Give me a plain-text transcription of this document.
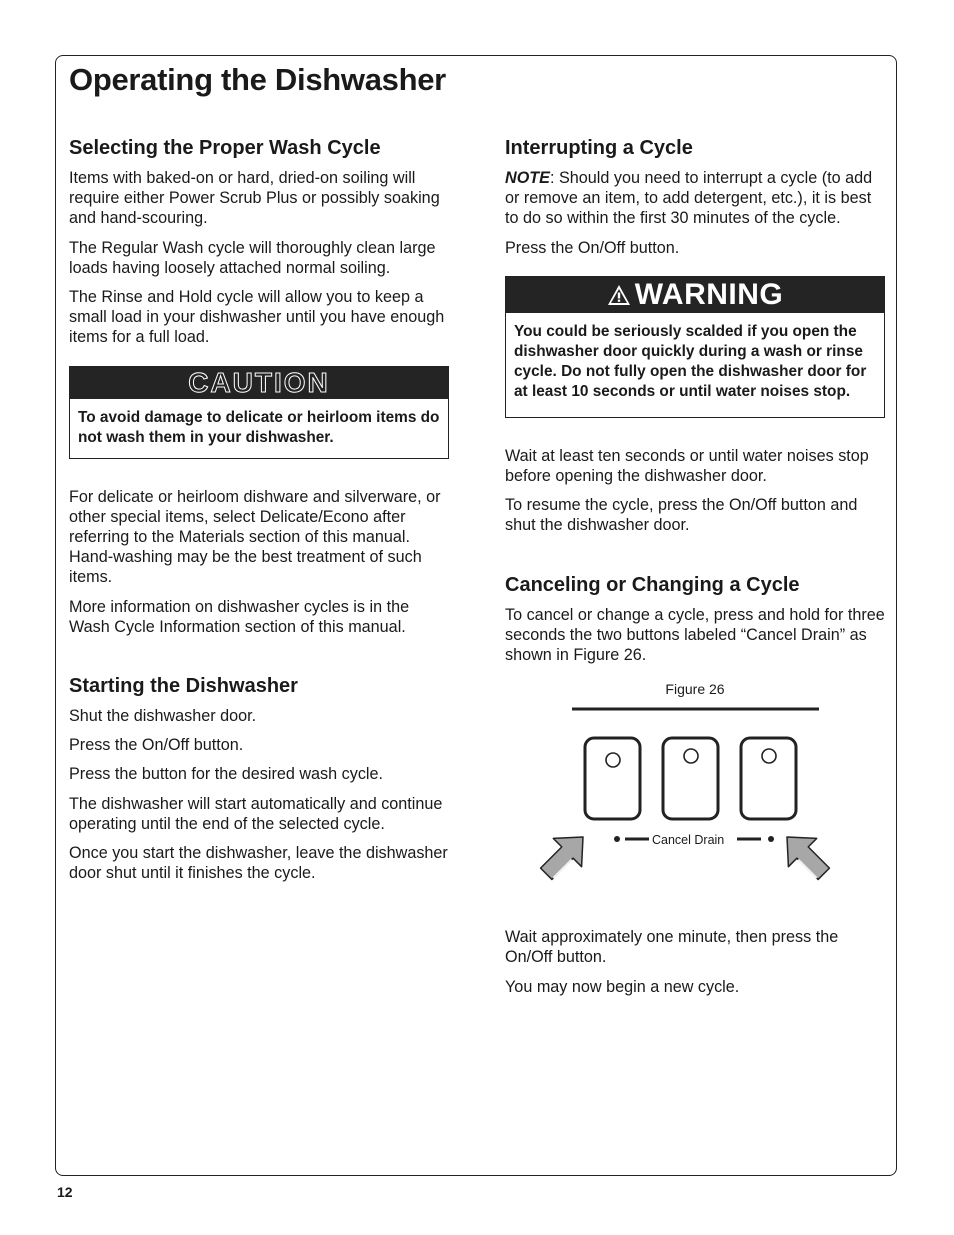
Operating the Dishwasher
Selecting the Proper Wash Cycle

Items with baked-on or hard, dried-on soiling will require either Power Scrub Plus or possibly soaking and hand-scouring.

The Regular Wash cycle will thoroughly clean large loads having loosely attached normal soiling.

The Rinse and Hold cycle will allow you to keep a small load in your dishwasher until you have enough items for a full load.

CAUTION
To avoid damage to delicate or heirloom items do not wash them in your dishwasher.

For delicate or heirloom dishware and silverware, or other special items, select Delicate/Econo after referring to the Materials section of this manual. Hand-washing may be the best treatment of such items.

More information on dishwasher cycles is in the Wash Cycle Information section of this manual.

Starting the Dishwasher

Shut the dishwasher door.

Press the On/Off button.

Press the button for the desired wash cycle.

The dishwasher will start automatically and continue operating until the end of the selected cycle.

Once you start the dishwasher, leave the dishwasher door shut until it finishes the cycle.

Interrupting a Cycle

NOTE: Should you need to interrupt a cycle (to add or remove an item, to add detergent, etc.), it is best to do so within the first 30 minutes of the cycle.

Press the On/Off button.

WARNING
You could be seriously scalded if you open the dishwasher door quickly during a wash or rinse cycle. Do not fully open the dishwasher door for at least 10 seconds or until water noises stop.

Wait at least ten seconds or until water noises stop before opening the dishwasher door.

To resume the cycle, press the On/Off button and shut the dishwasher door.

Canceling or Changing a Cycle

To cancel or change a cycle, press and hold for three seconds the two buttons labeled “Cancel Drain” as shown in Figure 26.

Figure 26
Cancel Drain

Wait approximately one minute, then press the On/Off button.

You may now begin a new cycle.

12
